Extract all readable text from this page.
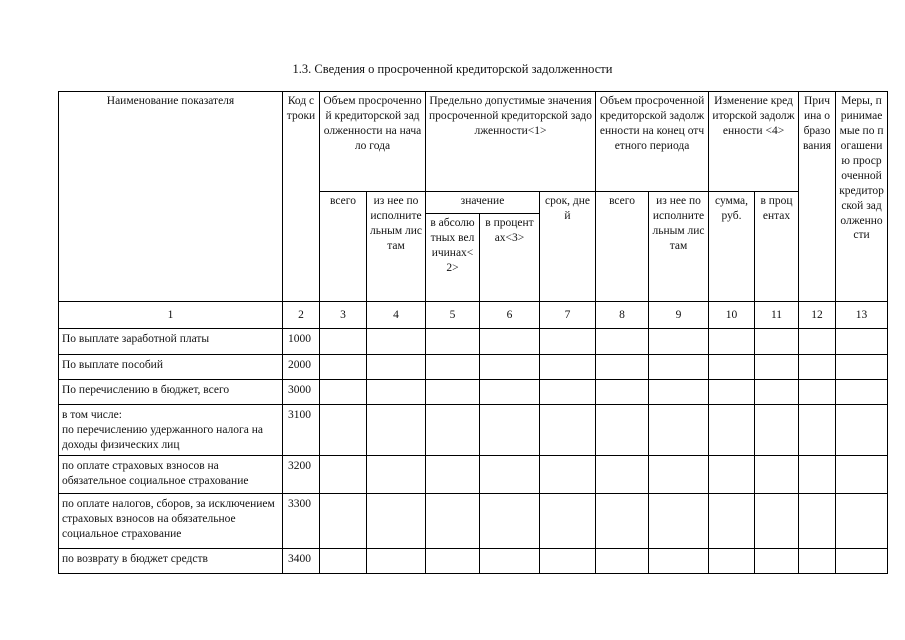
1.3. Сведения о просроченной кредиторской задолженности
Наименование показателя	Код строки	Объем просроченной кредиторской задолженности на начало года		Предельно допустимые значения просроченной кредиторской задолженности<1>			Объем просроченной кредиторской задолженности на конец отчетного периода		Изменение кредиторской задолженности <4>		Причина образования	Меры, принимаемые по погашению просроченной кредиторской задолженности
		всего	из нее по исполнительным листам	значение		срок, дней	всего	из нее по исполнительным листам	сумма, руб.	в процентах		
				в абсолютных величинах<2>	в процентах<3>							
1	2	3	4	5	6	7	8	9	10	11	12	13
По выплате заработной платы	1000											
По выплате пособий	2000											
По перечислению в бюджет, всего	3000											
в том числе:
по перечислению удержанного налога на доходы физических лиц	3100											
по оплате страховых взносов на обязательное социальное страхование	3200											
по оплате налогов, сборов, за исключением страховых взносов на обязательное социальное страхование	3300											
по возврату в бюджет средств	3400											
